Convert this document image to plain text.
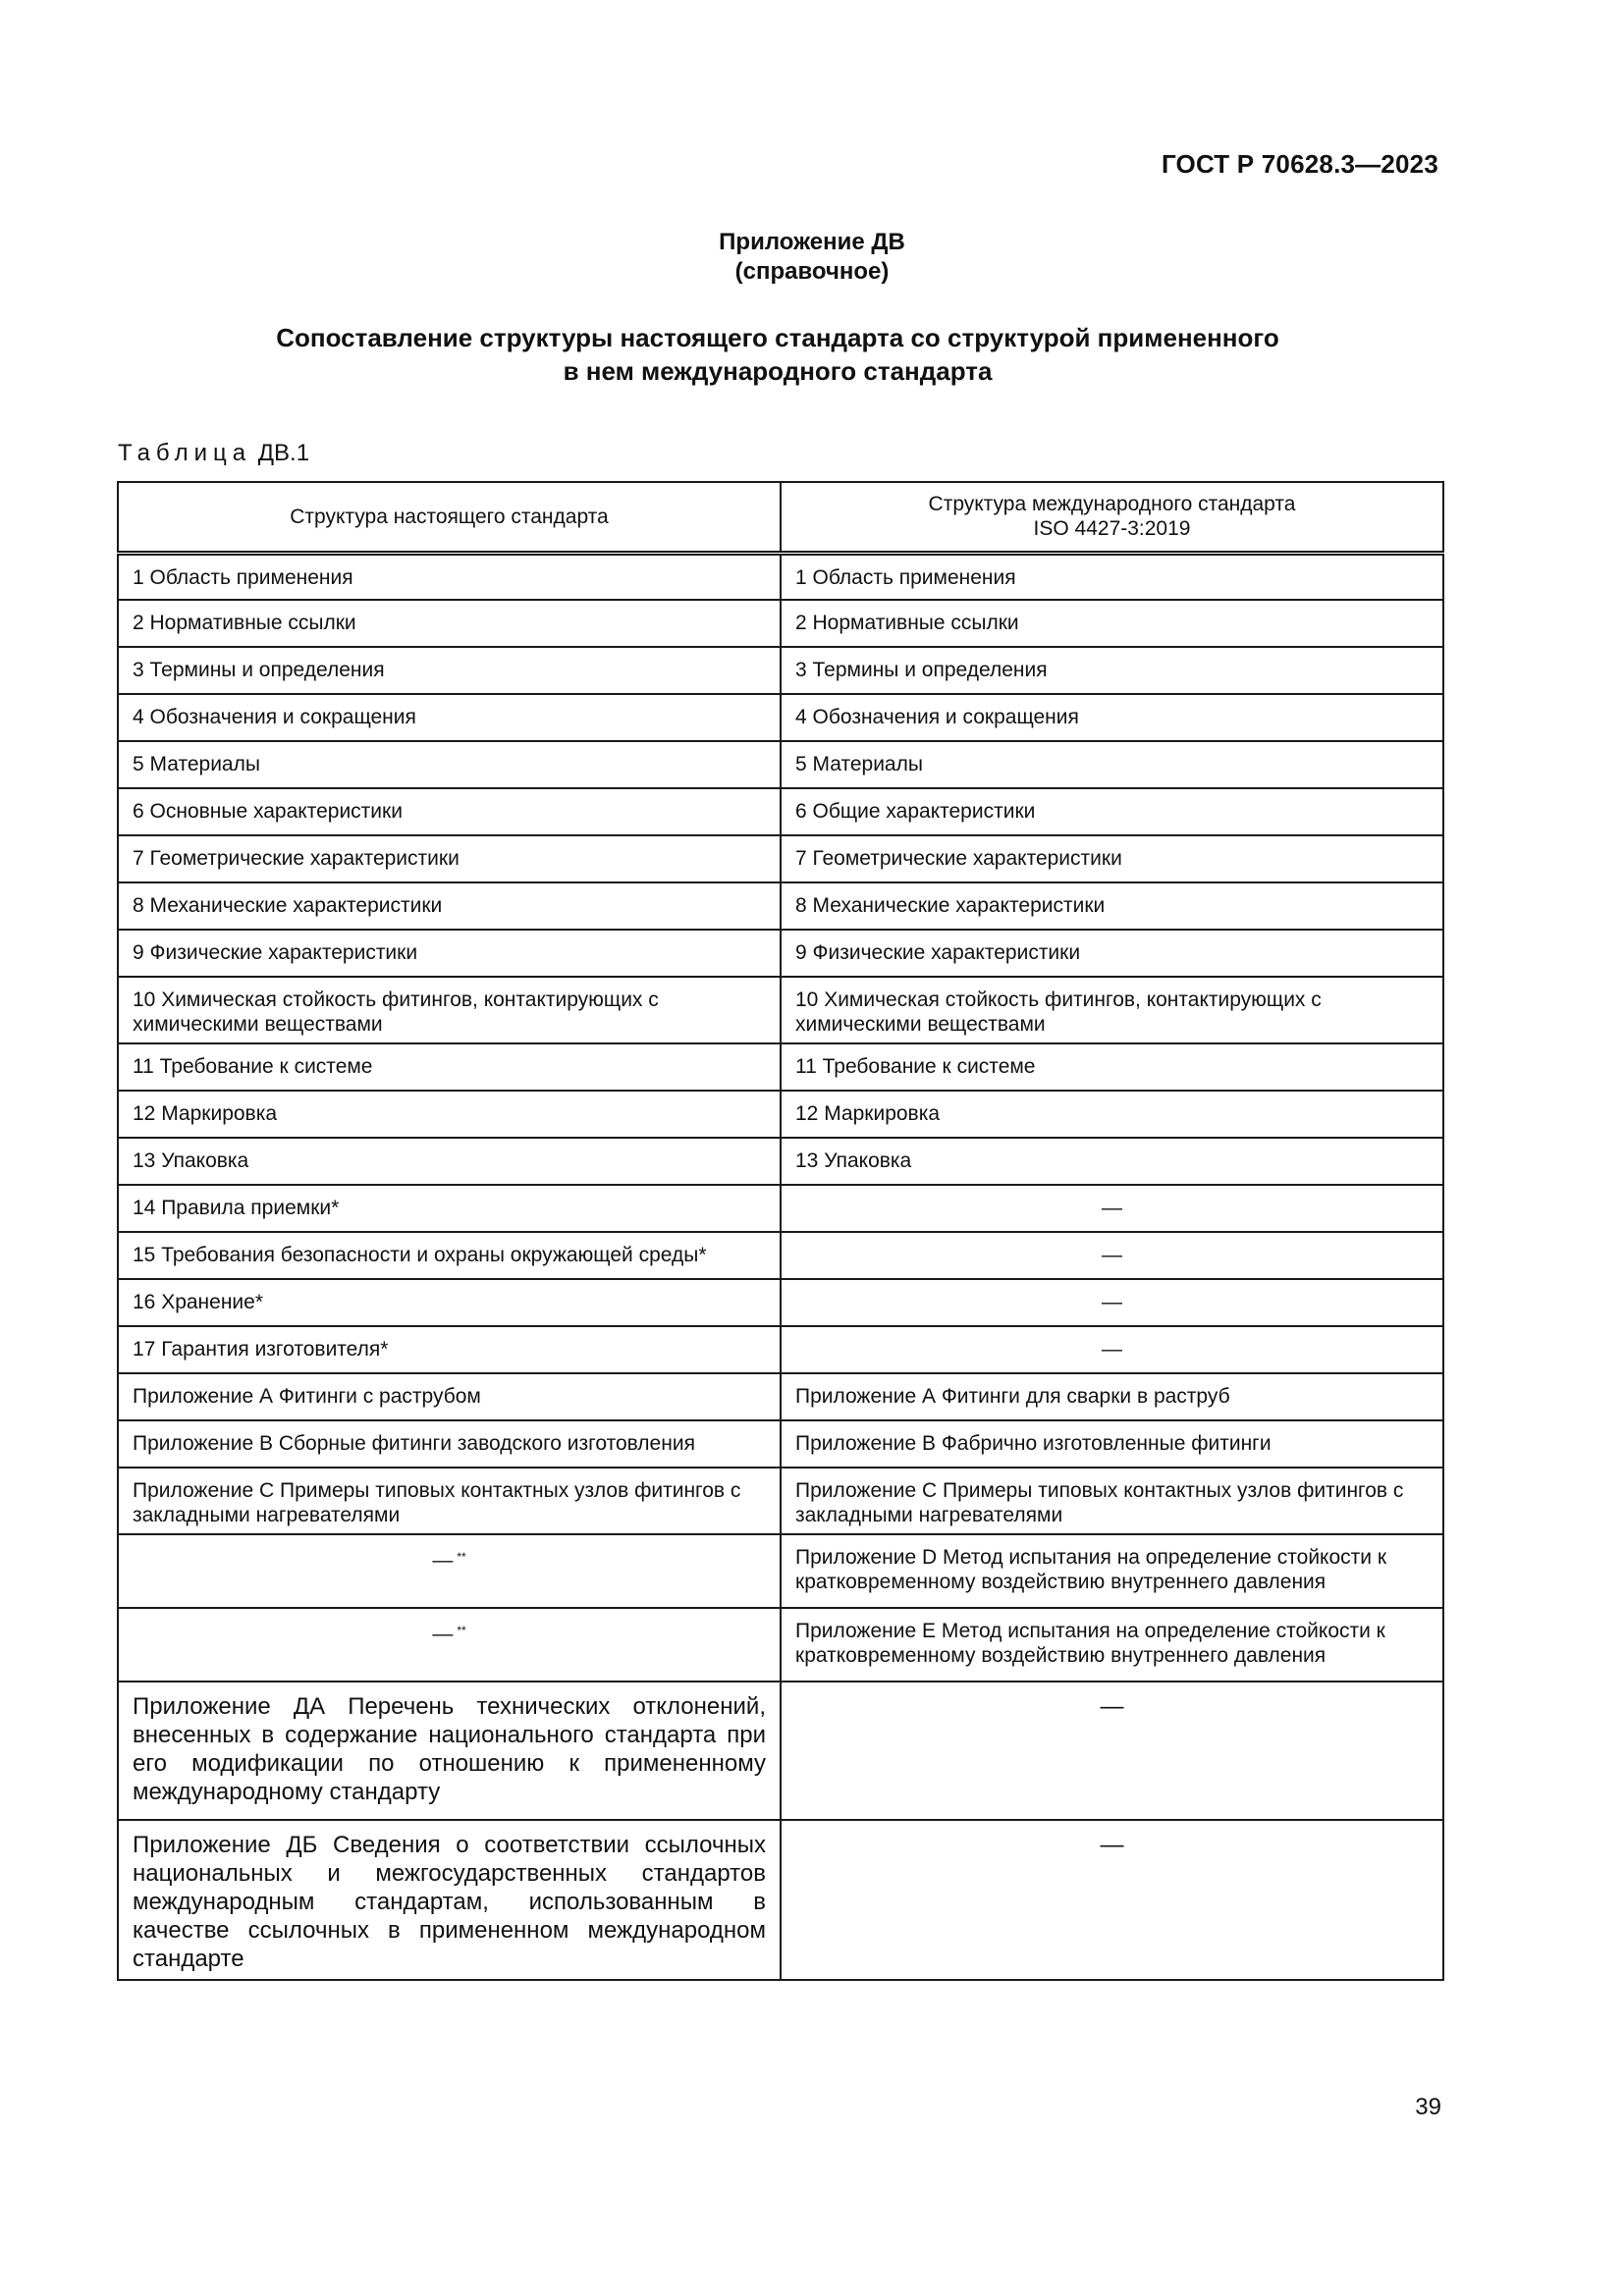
ГОСТ Р 70628.3—2023
Приложение ДВ
(справочное)
Сопоставление структуры настоящего стандарта со структурой примененного
в нем международного стандарта
Таблица ДВ.1
Структура настоящего стандарта	Структура международного стандарта
ISO 4427-3:2019

1 Область применения	1 Область применения
2 Нормативные ссылки	2 Нормативные ссылки
3 Термины и определения	3 Термины и определения
4 Обозначения и сокращения	4 Обозначения и сокращения
5 Материалы	5 Материалы
6 Основные характеристики	6 Общие характеристики
7 Геометрические характеристики	7 Геометрические характеристики
8 Механические характеристики	8 Механические характеристики
9 Физические характеристики	9 Физические характеристики
10 Химическая стойкость фитингов, контактирующих с химическими веществами	10 Химическая стойкость фитингов, контактирующих с химическими веществами
11 Требование к системе	11 Требование к системе
12 Маркировка	12 Маркировка
13 Упаковка	13 Упаковка
14 Правила приемки*	—
15 Требования безопасности и охраны окружающей среды*	—
16 Хранение*	—
17 Гарантия изготовителя*	—
Приложение А Фитинги с раструбом	Приложение А Фитинги для сварки в раструб
Приложение В Сборные фитинги заводского изготовления	Приложение В Фабрично изготовленные фитинги
Приложение С Примеры типовых контактных узлов фитингов с закладными нагревателями	Приложение С Примеры типовых контактных узлов фитингов с закладными нагревателями
— **	Приложение D Метод испытания на определение стойкости к кратковременному воздействию внутреннего давления
— **	Приложение Е Метод испытания на определение стойкости к кратковременному воздействию внутреннего давления
Приложение ДА Перечень технических отклонений, внесенных в содержание национального стандарта при его модификации по отношению к примененному международному стандарту	—
Приложение ДБ Сведения о соответствии ссылочных национальных и межгосударственных стандартов международным стандартам, использованным в качестве ссылочных в примененном международном стандарте	—
39
